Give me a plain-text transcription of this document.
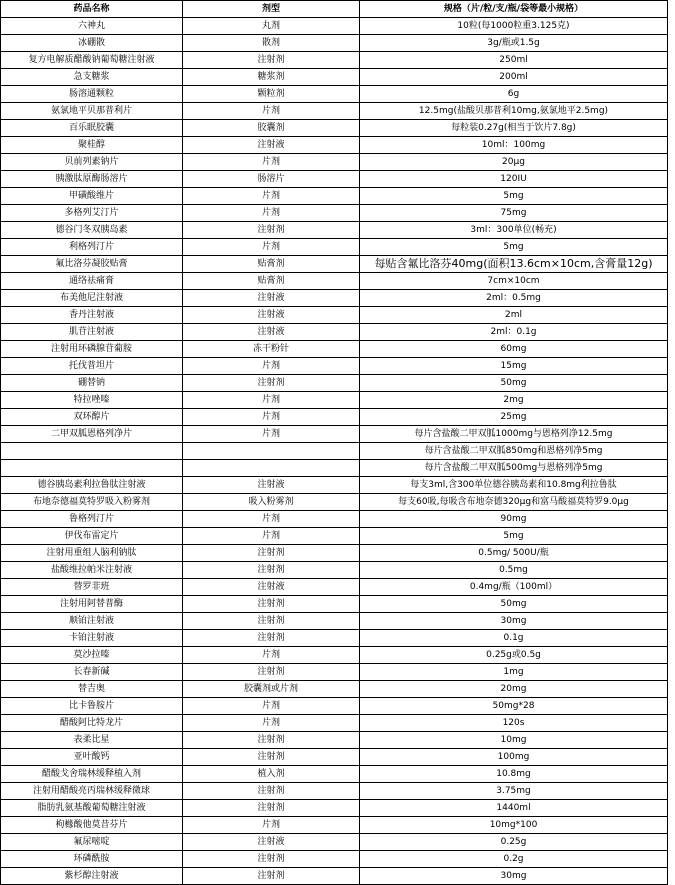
药品名称	剂型	规格（片/粒/支/瓶/袋等最小规格）	
六神丸	丸剂	10粒(每1000粒重3.125克)	
冰硼散	散剂	3g/瓶或1.5g	
复方电解质醋酸钠葡萄糖注射液	注射剂	250ml	
急支糖浆	糖浆剂	200ml	
肠溶通颗粒	颗粒剂	6g	
氨氯地平贝那普利片	片剂	12.5mg(盐酸贝那普利10mg,氨氯地平2.5mg)	
百乐眠胶囊	胶囊剂	每粒装0.27g(相当于饮片7.8g)	
聚桂醇	注射液	10ml：100mg	
贝前列素钠片	片剂	20μg	
胰激肽原酶肠溶片	肠溶片	120IU	
甲磺酸维片	片剂	5mg	
多格列艾汀片	片剂	75mg	
德谷门冬双胰岛素	注射剂	3ml：300单位(畅充)	
利格列汀片	片剂	5mg	
氟比洛芬凝胶贴膏	贴膏剂	每贴含氟比洛芬40mg(面积13.6cm×10cm,含膏量12g)	
通络祛痛膏	贴膏剂	7cm×10cm	
布美他尼注射液	注射液	2ml：0.5mg	
香丹注射液	注射液	2ml	
肌苷注射液	注射液	2ml：0.1g	
注射用环磷腺苷葡胺	冻干粉针	60mg	
托伐普坦片	片剂	15mg	
硼替钠	注射剂	50mg	
特拉唑嗪	片剂	2mg	
双环醇片	片剂	25mg	
二甲双胍恩格列净片	片剂	每片含盐酸二甲双胍1000mg与恩格列净12.5mg	
		每片含盐酸二甲双胍850mg和恩格列净5mg	
		每片含盐酸二甲双胍500mg与恩格列净5mg	
德谷胰岛素利拉鲁肽注射液	注射液	每支3ml,含300单位德谷胰岛素和10.8mg利拉鲁肽	
布地奈德福莫特罗吸入粉雾剂	吸入粉雾剂	每支60吸,每吸含布地奈德320μg和富马酸福莫特罗9.0μg	
鲁格列汀片	片剂	90mg	
伊伐布雷定片	片剂	5mg	
注射用重组人脑利钠肽	注射剂	0.5mg/ 500U/瓶	
盐酸维拉帕米注射液	注射剂	0.5mg	
替罗非班	注射液	0.4mg/瓶（100ml）	
注射用阿替普酶	注射剂	50mg	
顺铂注射液	注射剂	30mg	
卡铂注射液	注射剂	0.1g	
莫沙拉嗪	片剂	0.25g或0.5g	
长春新碱	注射剂	1mg	
替吉奥	胶囊剂或片剂	20mg	
比卡鲁胺片	片剂	50mg*28	
醋酸阿比特龙片	片剂	120s	
表柔比星	注射剂	10mg	
亚叶酸钙	注射剂	100mg	
醋酸戈舍瑞林缓释植入剂	植入剂	10.8mg	
注射用醋酸亮丙瑞林缓释微球	注射剂	3.75mg	
脂肪乳氨基酸葡萄糖注射液	注射剂	1440ml	
枸橼酸他莫昔芬片	片剂	10mg*100	
氟尿嘧啶	注射液	0.25g	
环磷酰胺	注射剂	0.2g	
紫杉醇注射液	注射剂	30mg	
